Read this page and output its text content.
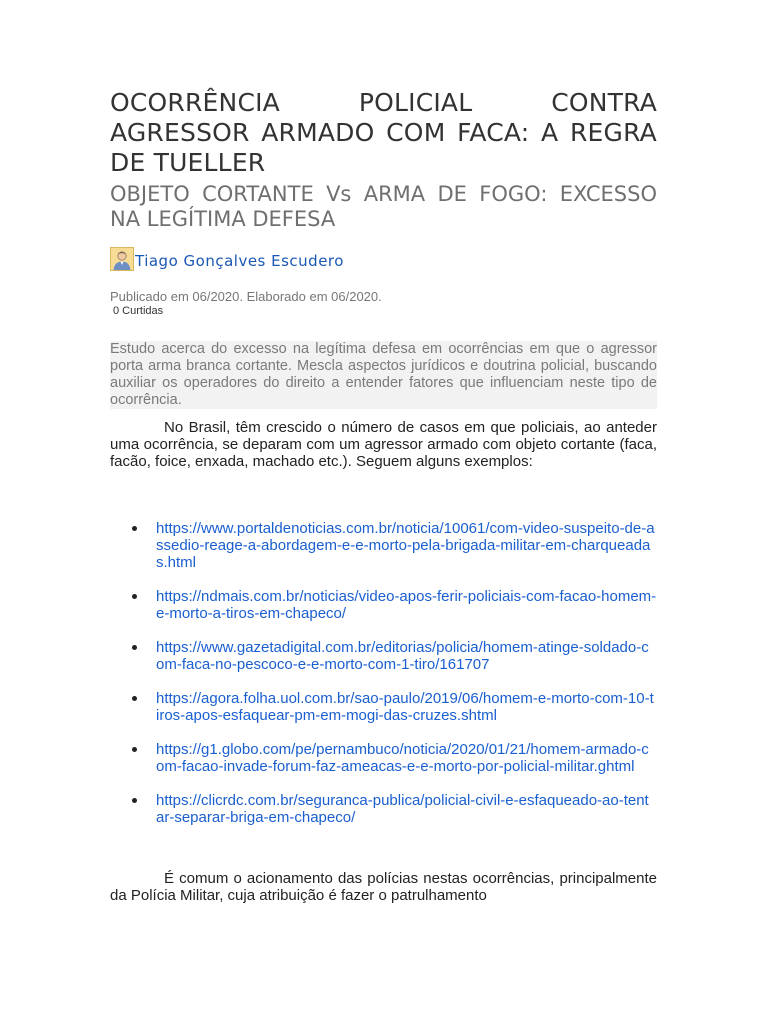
OCORRÊNCIA POLICIAL CONTRA AGRESSOR ARMADO COM FACA: A REGRA DE TUELLER
OBJETO CORTANTE Vs ARMA DE FOGO: EXCESSO NA LEGÍTIMA DEFESA
Tiago Gonçalves Escudero
Publicado em 06/2020. Elaborado em 06/2020.
0 Curtidas
Estudo acerca do excesso na legítima defesa em ocorrências em que o agressor porta arma branca cortante. Mescla aspectos jurídicos e doutrina policial, buscando auxiliar os operadores do direito a entender fatores que influenciam neste tipo de ocorrência.

No Brasil, têm crescido o número de casos em que policiais, ao anteder uma ocorrência, se deparam com um agressor armado com objeto cortante (faca, facão, foice, enxada, machado etc.). Seguem alguns exemplos:

https://www.portaldenoticias.com.br/noticia/10061/com-video-suspeito-de-assedio-reage-a-abordagem-e-e-morto-pela-brigada-militar-em-charqueadas.html
https://ndmais.com.br/noticias/video-apos-ferir-policiais-com-facao-homem-e-morto-a-tiros-em-chapeco/
https://www.gazetadigital.com.br/editorias/policia/homem-atinge-soldado-com-faca-no-pescoco-e-e-morto-com-1-tiro/161707
https://agora.folha.uol.com.br/sao-paulo/2019/06/homem-e-morto-com-10-tiros-apos-esfaquear-pm-em-mogi-das-cruzes.shtml
https://g1.globo.com/pe/pernambuco/noticia/2020/01/21/homem-armado-com-facao-invade-forum-faz-ameacas-e-e-morto-por-policial-militar.ghtml
https://clicrdc.com.br/seguranca-publica/policial-civil-e-esfaqueado-ao-tentar-separar-briga-em-chapeco/

É comum o acionamento das polícias nestas ocorrências, principalmente da Polícia Militar, cuja atribuição é fazer o patrulhamento
